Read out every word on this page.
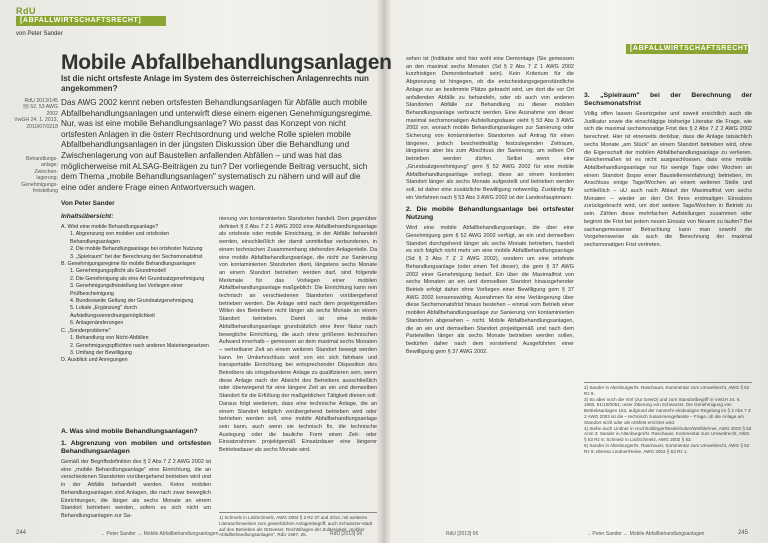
RdU
[ABFALLWIRTSCHAFTSRECHT]
von Peter Sander
Mobile Abfallbehandlungsanlagen
Ist die nicht ortsfeste Anlage im System des österreichischen Anlagenrechts nun angekommen?
RdU 2013/145
§§ 52, 53 AWG 2002
VwGH 24. 1. 2013, 2010/07/0218
Behandlungs-
anlage;
Zwischen-
lagerung;
Genehmigungs-
freistellung
Das AWG 2002 kennt neben ortsfesten Behandlungsanlagen für Abfälle auch mobile Abfallbehandlungsanlagen und unterwirft diese einem eigenen Genehmigungsregime. Nur, was ist eine mobile Behandlungsanlage? Wo passt das Konzept von nicht ortsfesten Anlagen in die österr Rechtsordnung und welche Rolle spielen mobile Abfallbehandlungsanlagen in der jüngsten Diskussion über die Behandlung und Zwischenlagerung von auf Baustellen anfallenden Abfällen – und was hat das möglicherweise mit ALSAG-Beiträgen zu tun? Der vorliegende Beitrag versucht, sich dem Thema „mobile Behandlungsanlagen" systematisch zu nähern und will auf die eine oder andere Frage einen Antwortversuch wagen.
Von Peter Sander
Inhaltsübersicht:
A. Wird eine mobile Behandlungsanlage?
1. Abgrenzung von mobilen und ortsfesten Behandlungsanlagen
2. Die mobile Behandlungsanlage bei ortsfester Nutzung
3. „Spielraum" bei der Berechnung der Sechsmonatsfrist
B. Genehmigungsregime für mobile Behandlungsanlagen
1. Genehmigungspflicht als Grundmodell
2. Die Genehmigung als eine Art Grundsatzgenehmigung
3. Genehmigungsfreistellung bei Vorliegen einer Prüfbescheinigung
4. Bundesweite Geltung der Grundsatzgenehmigung
5. Lokale „Ergänzung" durch Aufstellungsverordnungsmöglichkeit
6. Anlagenänderungen
C. „Sonderprobleme"
1. Behandlung von Nicht-Abfällen
2. Genehmigungspflichten nach anderen Materiengesetzen
3. Umfang der Bewilligung
D. Ausblick und Anregungen
A. Was sind mobile Behandlungsanlagen?
1. Abgrenzung von mobilen und ortsfesten Behandlungsanlagen

Gemäß der Begriffsdefinition des § 2 Abs 7 Z 2 AWG 2002 ist eine „mobile Behandlungsanlage" eine Einrichtung, die an verschiedenen Standorten vorübergehend betrieben wird und in der Abfälle behandelt werden. Keine mobilen Behandlungsanlagen sind Anlagen, die nach zwar beweglich Einrichtungen, die länger als sechs Monate an einem Standort betrieben werden, sofern es sich nicht um Behandlungsanlagen zur Sa-

nierung von kontaminierten Standorten handelt. Dem gegenüber definiert § 2 Abs 7 Z 1 AWG 2002 eine Abfallbehandlungsanlage als ortsfeste oder mobile Einrichtung, in der Abfälle behandelt werden, einschließlich der damit unmittelbar verbundenen, in einem technischen Zusammenhang stehenden Anlagenteile. Da eine mobile Abfallbehandlungsanlage, die nicht zur Sanierung von kontaminierten Standorten dient, längstens sechs Monate an einem Standort betrieben werden darf, sind folgende Merkmale für das Vorliegen einer mobilen Abfallbehandlungsanlage maßgeblich: Die Einrichtung kann rein technisch an verschiedenen Standorten vorübergehend betrieben werden. Die Anlage wird nach dem projektgemäßen Willen des Betreibers nicht länger als sechs Monate an einem Standort betrieben. Damit ist eine mobile Abfallbehandlungsanlage grundsätzlich eine ihrer Natur nach bewegliche Einrichtung, die auch ohne größeren technischen Aufwand innerhalb – gemessen an dem maximal sechs Monaten – vertretbarer Zeit an einem weiteren Standort bewegt werden kann. Im Umkehrschluss wird von ein sich fahrbare und transportable Einrichtung bei entsprechender Disposition des Betreibers als ortsgebundene Anlage zu qualifizieren sein, wenn diese Anlage nach der Absicht des Betreibers ausschließlich oder überwiegend für eine längere Zeit an ein und demselben Standort für die Erfüllung der maßgeblichen Tätigkeit dienen soll. Daraus folgt wiederum, dass eine technische Anlage, die an einem Standort lediglich vorübergehend betrieben wird oder betrieben werden soll, eine mobile Abfallbehandlungsanlage sein kann, auch wenn sie technisch fix, die technische Auslegung oder die bauliche Form einen Zeit- oder Einsatzrahmen projektgemäß Einsatzdauer eine längerer Betriebsdauer als sechs Monate wird.

1) Schmelz in Lisi/Schmelz, AWG 2002 § 2 Rz 37 und 2014, mit weiteren Literaturhinweisen zum gewerblichen Anlagenbegriff; auch Schwarzer-stadt auf den Betrieben als Ortsveser, Rechtsfragen der Zulässigkeit „mobiler Abfallbehandlungsanlagen", RdU 1997, 25.
244	→ Peter Sander ↔ Mobile Abfallbehandlungsanlagen	RdU [2013] 06
[ABFALLWIRTSCHAFTSRECHT]

sehen ist (Indikator wird hier wohl eine Demontage (Sie gemessen an den maximal sechs Monaten (Sd § 2 Abs 7 Z 1 AWG 2002 kurzfristigen Demontierbarkeit sein). Kein Kriterium für die Abgrenzung ist hingegen, ob die entscheidungsgegenständliche Anlage nur an bestimmte Plätze gebracht wird, um dort die vor Ort anfallenden Abfälle zu behandeln, oder ob auch von anderen Standorten Abfälle zur Behandlung zu dieser mobilen Behandlungsanlage verbracht werden. Eine Ausnahme von dieser maximal sechsmonatigen Aufstellungsdauer sieht § 53 Abs 3 AWG 2002 vor, wonach mobile Behandlungsanlagen zur Sanierung oder Sicherung von kontaminierten Standorten auf Antrag für einen längeren, jedoch bescheidmäßig festzulegenden Zeitraum, längstens aber bis zum Abschluss der Sanierung, am selben Ort betrieben werden dürfen. Selbst wenn eine „Grundsatzgenehmigung" gem § 52 AWG 2002 für eine mobile Abfallbehandlungsanlage vorliegt, diese an einem konkreten Standort länger als sechs Monate aufgestellt und betrieben werden soll, ist daher eine zusätzliche Bewilligung notwendig. Zuständig für ein Verfahren nach § 53 Abs 3 AWG 2002 ist der Landeshauptmann.

2. Die mobile Behandlungsanlage bei ortsfester Nutzung

Wird eine mobile Abfallbehandlungsanlage, die über eine Genehmigung gem § 52 AWG 2002 verfügt, an ein und demselben Standort durchgehend länger als sechs Monate betrieben, handelt es sich folglich nicht mehr um eine mobile Abfallbehandlungsanlage (Sd § 2 Abs 7 Z 2 AWG 2002), sondern um eine ortsfeste Behandlungsanlage (oder einen Teil dieser), die gem § 37 AWG 2002 einer Genehmigung bedarf. Ein über die Maximalfrist von sechs Monaten an ein und demselben Standort hinausgehender Betrieb erfolgt daher ohne Vorliegen einer Bewilligung gem § 37 AWG 2002 konsenswidrig. Ausnahmen für eine Verlängerung über diese Sechsmonatsfrist hinaus bestehen – einmal vom Betrieb einer mobilen Abfallbehandlungsanlage zur Sanierung von kontaminierten Standorten abgesehen – nicht. Mobile Abfallbehandlungsanlagen, die an ein und demselben Standort projektgemäß und nach dem Parteiwillen länger als sechs Monate betrieben werden sollen, bedürfen daher nach dem vorstehend Ausgeführten einer Bewilligung gem § 37 AWG 2002.

3. „Spielraum" bei der Berechnung der Sechsmonatsfrist

Völlig offen lassen Gesetzgeber und soweit ersichtlich auch die Judikatur sowie die einschlägige bisherige Literatur die Frage, wie sich die maximal sechsmonatige Frist des § 2 Abs 7 Z 2 AWG 2002 berechnet. Hier ist einerseits denkbar, dass die Anlage tatsächlich sechs Monate „am Stück" an einem Standort betrieben wird, ohne die Eigenschaft der mobilen Abfallbehandlungsanlage zu verlieren. Gleichermaßen ist es nicht ausgeschlossen, dass eine mobile Abfallbehandlungsanlage nur für wenige Tage oder Wochen an einem Standort (bspw einer Baustellenreinfahrung) betrieben, im Anschluss einige Tage/Wochen an einem weiteren Stelle und schließlich – uU auch nach Ablauf der Maximalfrist von sechs Monaten – wieder an den Ort ihres erstmaligen Einsatzes zurückgebracht wird, um dort weitere Tage/Wochen in Betrieb zu sein. Zählen diese mehrfachen Aufstellungen zusammen oder beginnt die Frist bei jedem neuen Einsatz von Neuem zu laufen? Bei sachangemessener Betrachtung kann man sowohl die Vorgehensweise als auch die Berechnung der maximal sechsmonatigen Frist vertreten.

2) Sander in Altenburger/N. Raschauer, Kommentar zum Umweltrecht, AWG § 52 Rz 9.
3) So aber noch die Vorl (zur GewO) und zum Standortbegriff in VwGH 24. 6. 1980, 91/10/0051; unter Zitierung von Schwarzer, Die Genehmigung von Betriebsanlagen 162, aufgrund der nunmehr eindeutigen Regelung im § 2 Abs 7 Z 2 AWG 2002 ist die – technisch zusammengefasste – Frage, ob die Anlage am Standort nicht oder als ortsfest errichtet wird.
4) Siehe auch Lindner in Hochholdinger/Niederhuber/Wolfslehner, AWG 2002 § 53 Anm 3; Sander in Altenburger/N. Raschauer, Kommentar zum Umweltrecht, AWG § 53 Rz 6; Schmelz in Lisi/Schmelz, AWG 2002 § 53.
5) Sander in Altenburger/N. Raschauer, Kommentar zum Umweltrecht, AWG § 52 Rz 9; ebenso Lindner/Heine, AWG 2002 § 53 Rz 1.
RdU [2013] 06	→ Peter Sander ↔ Mobile Abfallbehandlungsanlagen	245
